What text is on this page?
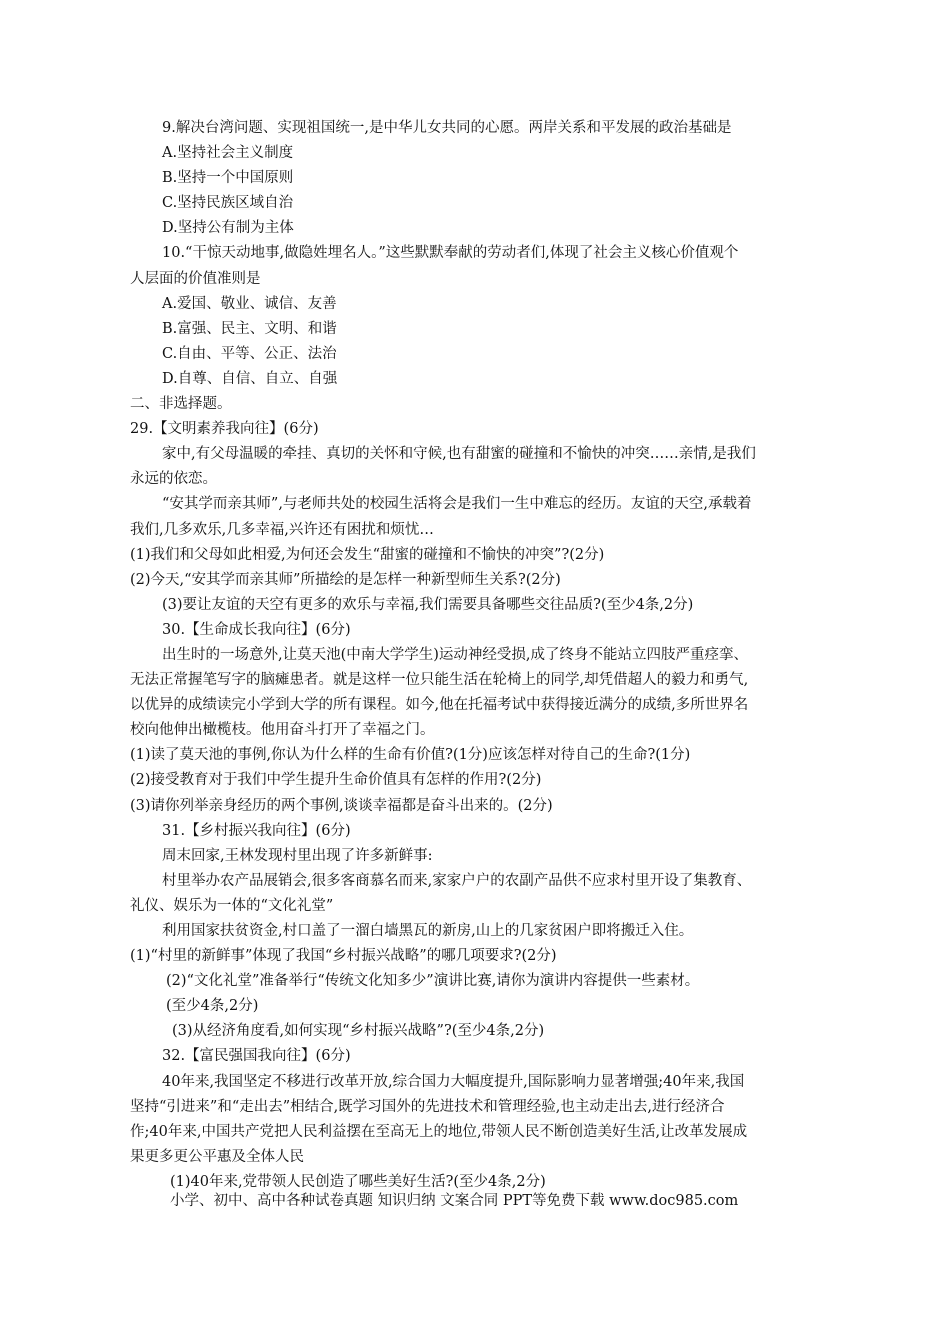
9.解决台湾问题、实现祖国统一,是中华儿女共同的心愿。两岸关系和平发展的政治基础是
A.坚持社会主义制度
B.坚持一个中国原则
C.坚持民族区域自治
D.坚持公有制为主体
10.“干惊天动地事,做隐姓埋名人。”这些默默奉献的劳动者们,体现了社会主义核心价值观个
人层面的价值准则是
A.爱国、敬业、诚信、友善
B.富强、民主、文明、和谐
C.自由、平等、公正、法治
D.自尊、自信、自立、自强
二、非选择题。
29.【文明素养我向往】(6分)
家中,有父母温暖的牵挂、真切的关怀和守候,也有甜蜜的碰撞和不愉快的冲突……亲情,是我们
永远的依恋。
“安其学而亲其师”,与老师共处的校园生活将会是我们一生中难忘的经历。友谊的天空,承载着
我们,几多欢乐,几多幸福,兴许还有困扰和烦忧…
(1)我们和父母如此相爱,为何还会发生“甜蜜的碰撞和不愉快的冲突”?(2分)
(2)今天,“安其学而亲其师”所描绘的是怎样一种新型师生关系?(2分)
(3)要让友谊的天空有更多的欢乐与幸福,我们需要具备哪些交往品质?(至少4条,2分)
30.【生命成长我向往】(6分)
出生时的一场意外,让莫天池(中南大学学生)运动神经受损,成了终身不能站立四肢严重痉挛、
无法正常握笔写字的脑瘫患者。就是这样一位只能生活在轮椅上的同学,却凭借超人的毅力和勇气,
以优异的成绩读完小学到大学的所有课程。如今,他在托福考试中获得接近满分的成绩,多所世界名
校向他伸出橄榄枝。他用奋斗打开了幸福之门。
(1)读了莫天池的事例,你认为什么样的生命有价值?(1分)应该怎样对待自己的生命?(1分)
(2)接受教育对于我们中学生提升生命价值具有怎样的作用?(2分)
(3)请你列举亲身经历的两个事例,谈谈幸福都是奋斗出来的。(2分)
31.【乡村振兴我向往】(6分)
周末回家,王林发现村里出现了许多新鲜事:
村里举办农产品展销会,很多客商慕名而来,家家户户的农副产品供不应求村里开设了集教育、
礼仪、娱乐为一体的“文化礼堂”
利用国家扶贫资金,村口盖了一溜白墙黑瓦的新房,山上的几家贫困户即将搬迁入住。
(1)“村里的新鲜事”体现了我国“乡村振兴战略”的哪几项要求?(2分)
(2)“文化礼堂”准备举行“传统文化知多少”演讲比赛,请你为演讲内容提供一些素材。
(至少4条,2分)
(3)从经济角度看,如何实现“乡村振兴战略”?(至少4条,2分)
32.【富民强国我向往】(6分)
40年来,我国坚定不移进行改革开放,综合国力大幅度提升,国际影响力显著增强;40年来,我国
坚持“引进来”和“走出去”相结合,既学习国外的先进技术和管理经验,也主动走出去,进行经济合
作;40年来,中国共产党把人民利益摆在至高无上的地位,带领人民不断创造美好生活,让改革发展成
果更多更公平惠及全体人民
(1)40年来,党带领人民创造了哪些美好生活?(至少4条,2分)
小学、初中、高中各种试卷真题 知识归纳 文案合同 PPT等免费下载 www.doc985.com
